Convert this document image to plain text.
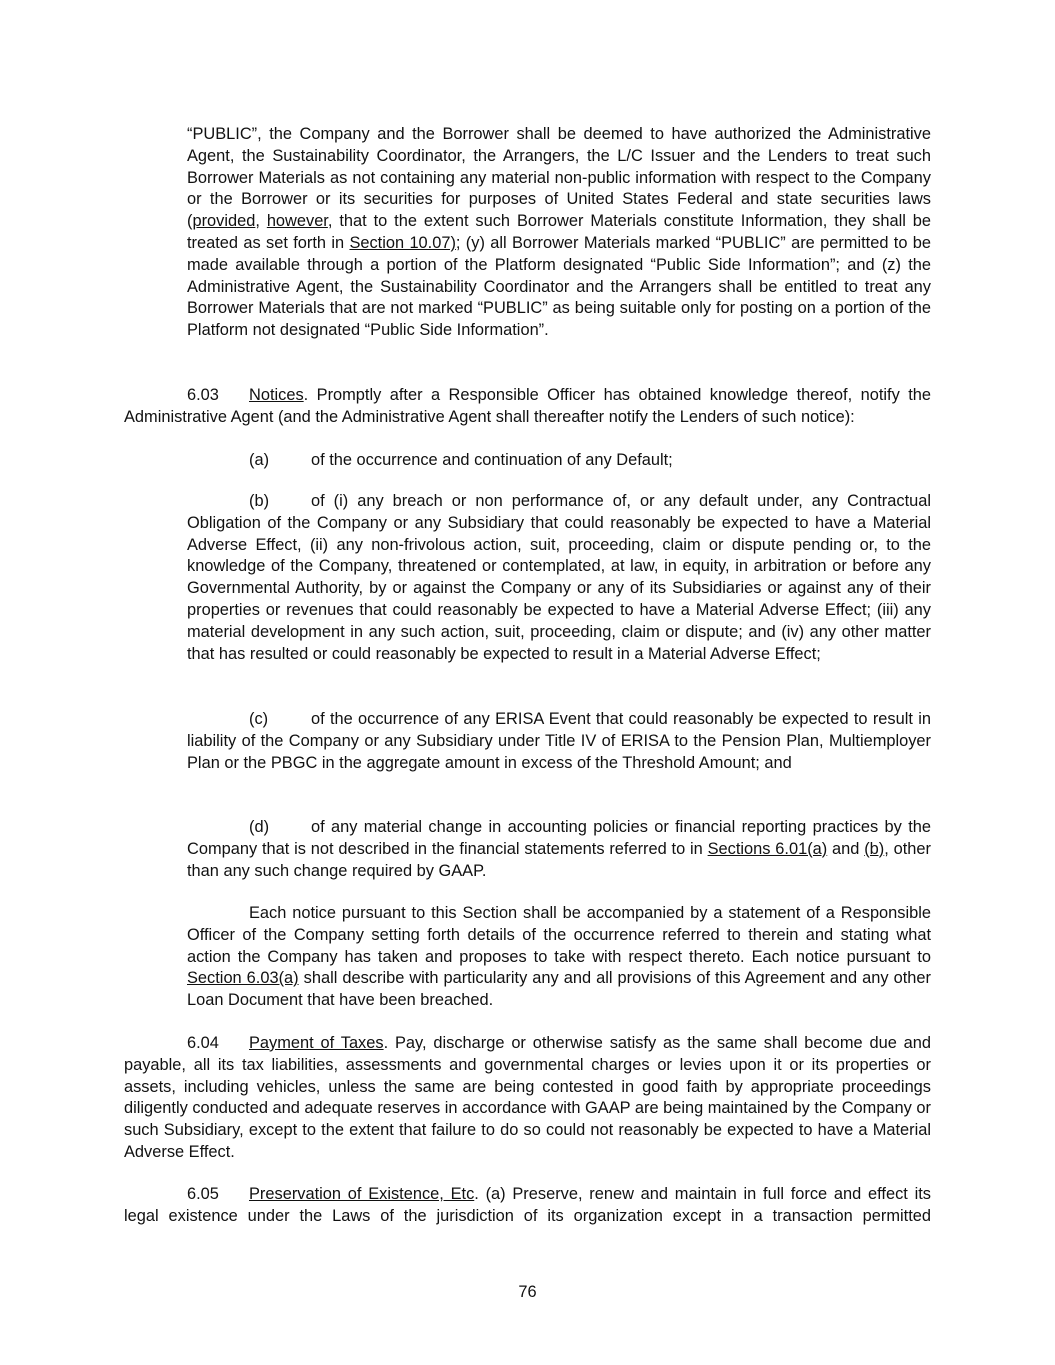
“PUBLIC”, the Company and the Borrower shall be deemed to have authorized the Administrative Agent, the Sustainability Coordinator, the Arrangers, the L/C Issuer and the Lenders to treat such Borrower Materials as not containing any material non-public information with respect to the Company or the Borrower or its securities for purposes of United States Federal and state securities laws (provided, however, that to the extent such Borrower Materials constitute Information, they shall be treated as set forth in Section 10.07); (y) all Borrower Materials marked “PUBLIC” are permitted to be made available through a portion of the Platform designated “Public Side Information”; and (z) the Administrative Agent, the Sustainability Coordinator and the Arrangers shall be entitled to treat any Borrower Materials that are not marked “PUBLIC” as being suitable only for posting on a portion of the Platform not designated “Public Side Information”.

6.03 Notices. Promptly after a Responsible Officer has obtained knowledge thereof, notify the Administrative Agent (and the Administrative Agent shall thereafter notify the Lenders of such notice):

(a)	of the occurrence and continuation of any Default;

(b)	of (i) any breach or non performance of, or any default under, any Contractual Obligation of the Company or any Subsidiary that could reasonably be expected to have a Material Adverse Effect, (ii) any non-frivolous action, suit, proceeding, claim or dispute pending or, to the knowledge of the Company, threatened or contemplated, at law, in equity, in arbitration or before any Governmental Authority, by or against the Company or any of its Subsidiaries or against any of their properties or revenues that could reasonably be expected to have a Material Adverse Effect; (iii) any material development in any such action, suit, proceeding, claim or dispute; and (iv) any other matter that has resulted or could reasonably be expected to result in a Material Adverse Effect;

(c)	of the occurrence of any ERISA Event that could reasonably be expected to result in liability of the Company or any Subsidiary under Title IV of ERISA to the Pension Plan, Multiemployer Plan or the PBGC in the aggregate amount in excess of the Threshold Amount; and

(d)	of any material change in accounting policies or financial reporting practices by the Company that is not described in the financial statements referred to in Sections 6.01(a) and (b), other than any such change required by GAAP.

Each notice pursuant to this Section shall be accompanied by a statement of a Responsible Officer of the Company setting forth details of the occurrence referred to therein and stating what action the Company has taken and proposes to take with respect thereto. Each notice pursuant to Section 6.03(a) shall describe with particularity any and all provisions of this Agreement and any other Loan Document that have been breached.

6.04 Payment of Taxes. Pay, discharge or otherwise satisfy as the same shall become due and payable, all its tax liabilities, assessments and governmental charges or levies upon it or its properties or assets, including vehicles, unless the same are being contested in good faith by appropriate proceedings diligently conducted and adequate reserves in accordance with GAAP are being maintained by the Company or such Subsidiary, except to the extent that failure to do so could not reasonably be expected to have a Material Adverse Effect.

6.05 Preservation of Existence, Etc. (a) Preserve, renew and maintain in full force and effect its legal existence under the Laws of the jurisdiction of its organization except in a transaction permitted

76
